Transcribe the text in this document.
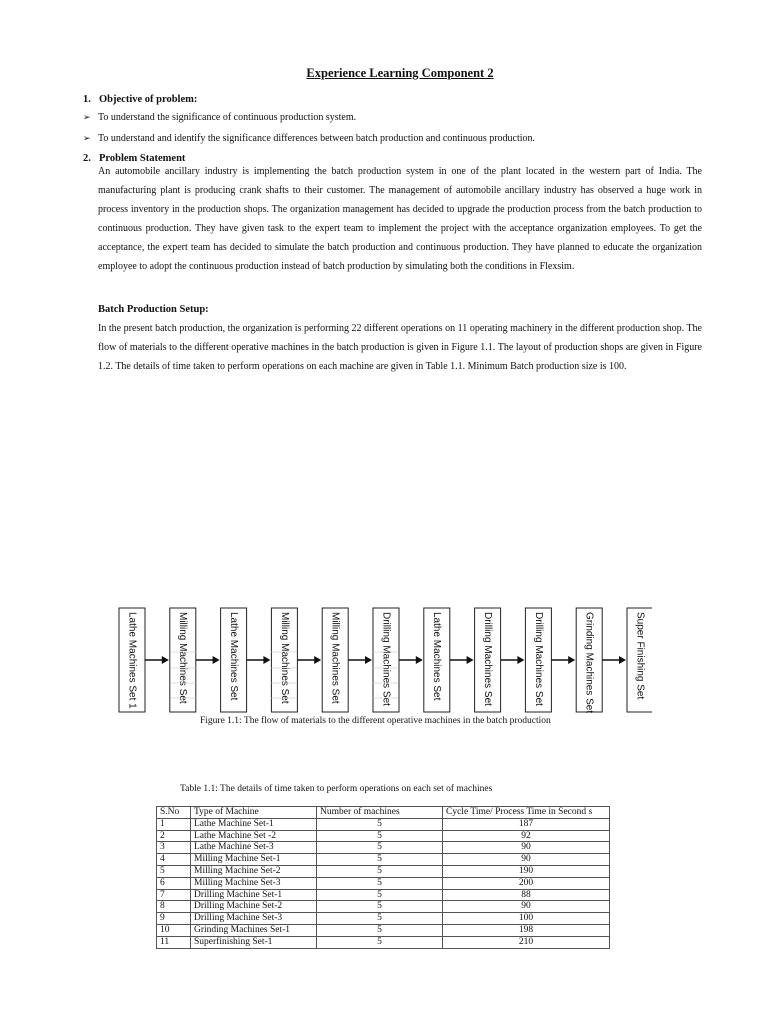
Experience Learning Component 2
1. Objective of problem:
➢ To understand the significance of continuous production system.
➢ To understand and identify the significance differences between batch production and continuous production.
2. Problem Statement
An automobile ancillary industry is implementing the batch production system in one of the plant located in the western part of India. The manufacturing plant is producing crank shafts to their customer. The management of automobile ancillary industry has observed a huge work in process inventory in the production shops. The organization management has decided to upgrade the production process from the batch production to continuous production. They have given task to the expert team to implement the project with the acceptance organization employees. To get the acceptance, the expert team has decided to simulate the batch production and continuous production. They have planned to educate the organization employee to adopt the continuous production instead of batch production by simulating both the conditions in Flexsim.
Batch Production Setup:
In the present batch production, the organization is performing 22 different operations on 11 operating machinery in the different production shop. The flow of materials to the different operative machines in the batch production is given in Figure 1.1. The layout of production shops are given in Figure 1.2. The details of time taken to perform operations on each machine are given in Table 1.1. Minimum Batch production size is 100.
Lathe Machines Set 1	Milling Machines Set	Lathe Machines Set	Milling Machines Set	Milling Machines Set	Drilling Machines Set	Lathe Machines Set	Drilling Machines Set	Drilling Machines Set	Grinding Machines Set	Super Finishing Set
Figure 1.1: The flow of materials to the different operative machines in the batch production
Table 1.1: The details of time taken to perform operations on each set of machines
S.No	Type of Machine	Number of machines	Cycle Time/ Process Time in Second s
1	Lathe Machine Set-1	5	187
2	Lathe Machine Set -2	5	92
3	Lathe Machine Set-3	5	90
4	Milling Machine Set-1	5	90
5	Milling Machine Set-2	5	190
6	Milling Machine Set-3	5	200
7	Drilling Machine Set-1	5	88
8	Drilling Machine Set-2	5	90
9	Drilling Machine Set-3	5	100
10	Grinding Machines Set-1	5	198
11	Superfinishing Set-1	5	210
